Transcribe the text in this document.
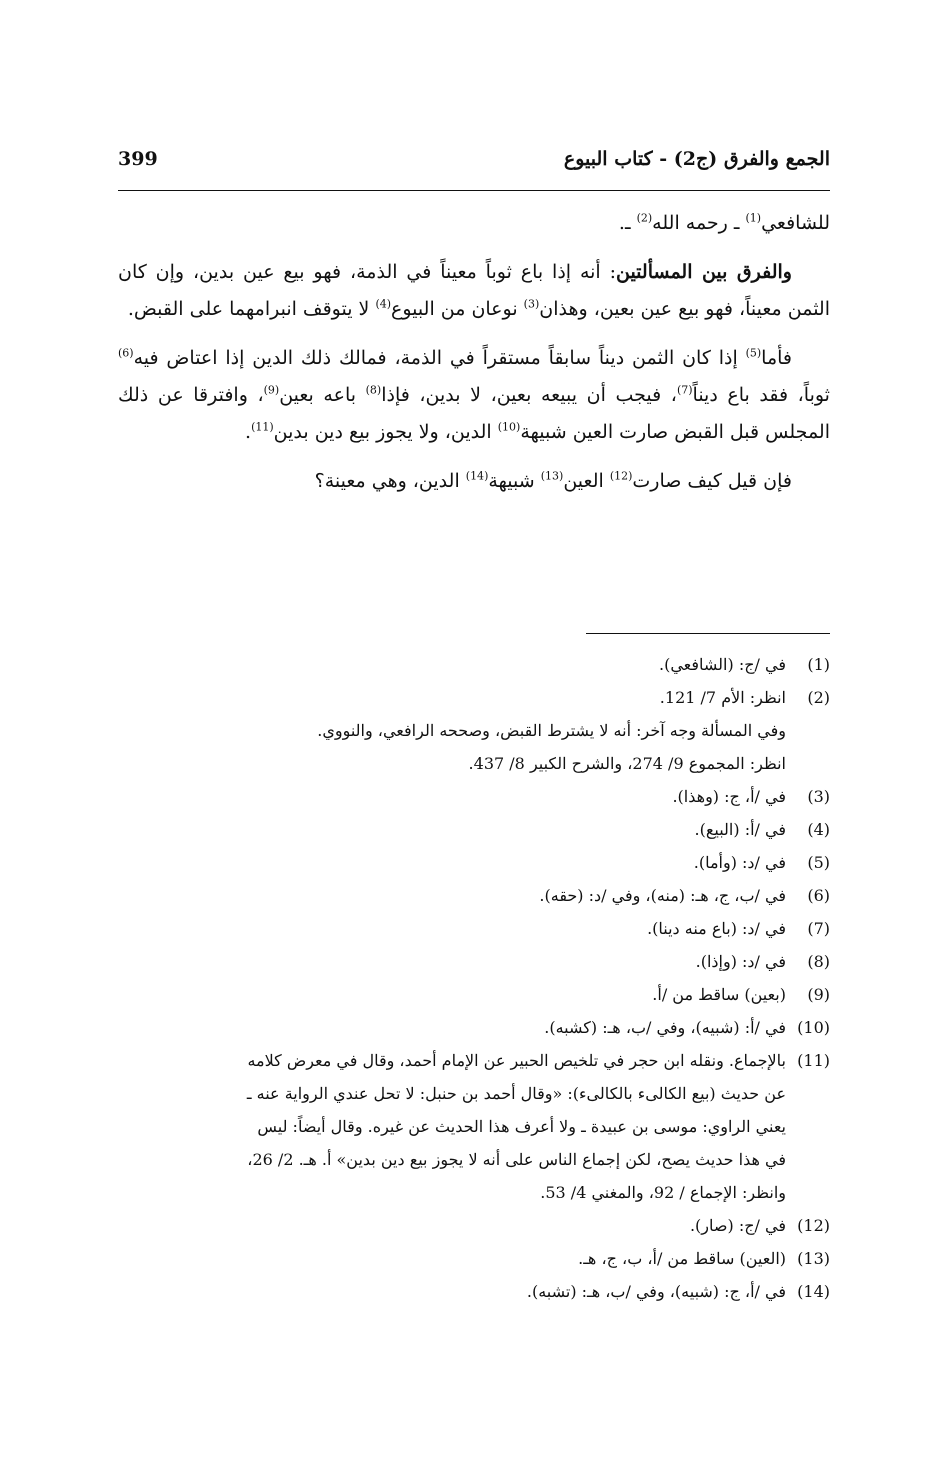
الجمع والفرق (ج2) - كتاب البيوع
399

للشافعي$^{(1)}$ ـ رحمه الله$^{(2)}$ ـ.

والفرق بين المسألتين: أنه إذا باع ثوباً معيناً في الذمة، فهو بيع عين بدين، وإن كان الثمن معيناً، فهو بيع عين بعين، وهذان$^{(3)}$ نوعان من البيوع$^{(4)}$ لا يتوقف انبرامهما على القبض.

فأما$^{(5)}$ إذا كان الثمن ديناً سابقاً مستقراً في الذمة، فمالك ذلك الدين إذا اعتاض فيه$^{(6)}$ ثوباً، فقد باع ديناً$^{(7)}$، فيجب أن يبيعه بعين، لا بدين، فإذا$^{(8)}$ باعه بعين$^{(9)}$، وافترقا عن ذلك المجلس قبل القبض صارت العين شبيهة$^{(10)}$ الدين، ولا يجوز بيع دين بدين$^{(11)}$.

فإن قيل كيف صارت$^{(12)}$ العين$^{(13)}$ شبيهة$^{(14)}$ الدين، وهي معينة؟

(1)
في /ج: (الشافعي).
(2)
انظر: الأم 7/ 121.
وفي المسألة وجه آخر: أنه لا يشترط القبض، وصححه الرافعي، والنووي.
انظر: المجموع 9/ 274، والشرح الكبير 8/ 437.
(3)
في /أ، ج: (وهذا).
(4)
في /أ: (البيع).
(5)
في /د: (وأما).
(6)
في /ب، ج، هـ: (منه)، وفي /د: (حقه).
(7)
في /د: (باع منه دينا).
(8)
في /د: (وإذا).
(9)
(بعين) ساقط من /أ.
(10)
في /أ: (شبيه)، وفي /ب، هـ: (كشبه).
(11)
بالإجماع. ونقله ابن حجر في تلخيص الحبير عن الإمام أحمد، وقال في معرض كلامه
عن حديث (بيع الكالىء بالكالىء): «وقال أحمد بن حنبل: لا تحل عندي الرواية عنه ـ
يعني الراوي: موسى بن عبيدة ـ ولا أعرف هذا الحديث عن غيره. وقال أيضاً: ليس
في هذا حديث يصح، لكن إجماع الناس على أنه لا يجوز بيع دين بدين» أ. هـ. 2/ 26،
وانظر: الإجماع / 92، والمغني 4/ 53.
(12)
في /ج: (صار).
(13)
(العين) ساقط من /أ، ب، ج، هـ.
(14)
في /أ، ج: (شبيه)، وفي /ب، هـ: (تشبه).
